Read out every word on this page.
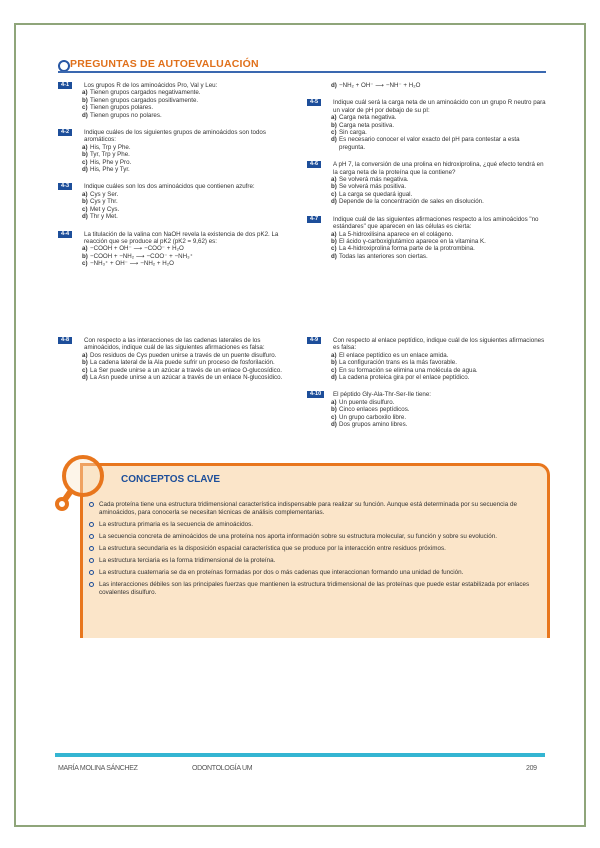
PREGUNTAS DE AUTOEVALUACIÓN
4-1	Los grupos R de los aminoácidos Pro, Val y Leu:
a) Tienen grupos cargados negativamente.
b) Tienen grupos cargados positivamente.
c) Tienen grupos polares.
d) Tienen grupos no polares.
4-2	Indique cuáles de los siguientes grupos de aminoácidos son todos aromáticos:
a) His, Trp y Phe.
b) Tyr, Trp y Phe.
c) His, Phe y Pro.
d) His, Phe y Tyr.
4-3	Indique cuáles son los dos aminoácidos que contienen azufre:
a) Cys y Ser.
b) Cys y Thr.
c) Met y Cys.
d) Thr y Met.
4-4	La titulación de la valina con NaOH revela la existencia de dos pK2. La reacción que se produce al pK2 (pK2 = 9,62) es:
a) −COOH + OH⁻ ⟶ −COO⁻ + H₂O
b) −COOH + −NH₂ ⟶ −COO⁻ + −NH₃⁺
c) −NH₃⁺ + OH⁻ ⟶ −NH₂ + H₂O
d) −NH₂ + OH⁻ ⟶ −NH⁻ + H₂O
4-5	Indique cuál será la carga neta de un aminoácido con un grupo R neutro para un valor de pH por debajo de su pI:
a) Carga neta negativa.
b) Carga neta positiva.
c) Sin carga.
d) Es necesario conocer el valor exacto del pH para contestar a esta pregunta.
4-6	A pH 7, la conversión de una prolina en hidroxiprolina, ¿qué efecto tendrá en la carga neta de la proteína que la contiene?
a) Se volverá más negativa.
b) Se volverá más positiva.
c) La carga se quedará igual.
d) Depende de la concentración de sales en disolución.
4-7	Indique cuál de las siguientes afirmaciones respecto a los aminoácidos "no estándares" que aparecen en las células es cierta:
a) La 5-hidroxilisina aparece en el colágeno.
b) El ácido γ-carboxiglutámico aparece en la vitamina K.
c) La 4-hidroxiprolina forma parte de la protrombina.
d) Todas las anteriores son ciertas.
4-8	Con respecto a las interacciones de las cadenas laterales de los aminoácidos, indique cuál de las siguientes afirmaciones es falsa:
a) Dos residuos de Cys pueden unirse a través de un puente disulfuro.
b) La cadena lateral de la Ala puede sufrir un proceso de fosforilación.
c) La Ser puede unirse a un azúcar a través de un enlace O-glucosídico.
d) La Asn puede unirse a un azúcar a través de un enlace N-glucosídico.
4-9	Con respecto al enlace peptídico, indique cuál de los siguientes afirmaciones es falsa:
a) El enlace peptídico es un enlace amida.
b) La configuración trans es la más favorable.
c) En su formación se elimina una molécula de agua.
d) La cadena proteica gira por el enlace peptídico.
4-10	El péptido Gly-Ala-Thr-Ser-Ile tiene:
a) Un puente disulfuro.
b) Cinco enlaces peptídicos.
c) Un grupo carboxilo libre.
d) Dos grupos amino libres.
CONCEPTOS CLAVE
Cada proteína tiene una estructura tridimensional característica indispensable para realizar su función. Aunque está determinada por su secuencia de aminoácidos, para conocerla se necesitan técnicas de análisis complementarias.
La estructura primaria es la secuencia de aminoácidos.
La secuencia concreta de aminoácidos de una proteína nos aporta información sobre su estructura molecular, su función y sobre su evolución.
La estructura secundaria es la disposición espacial característica que se produce por la interacción entre residuos próximos.
La estructura terciaria es la forma tridimensional de la proteína.
La estructura cuaternaria se da en proteínas formadas por dos o más cadenas que interaccionan formando una unidad de función.
Las interacciones débiles son las principales fuerzas que mantienen la estructura tridimensional de las proteínas que puede estar estabilizada por enlaces covalentes disulfuro.
MARÍA MOLINA SÁNCHEZ	ODONTOLOGÍA UM	209
